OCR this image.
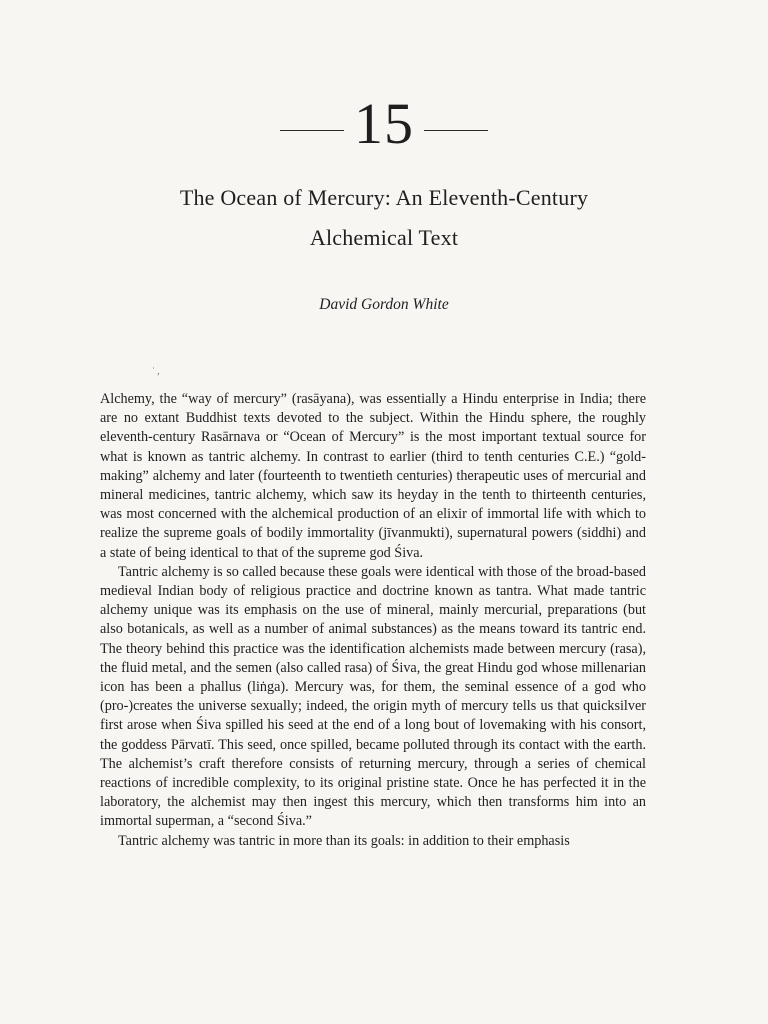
15
The Ocean of Mercury: An Eleventh-Century
Alchemical Text
David Gordon White
˙ ,

Alchemy, the “way of mercury” (rasāyana), was essentially a Hindu enterprise in India; there are no extant Buddhist texts devoted to the subject. Within the Hindu sphere, the roughly eleventh-century Rasārnava or “Ocean of Mercury” is the most important textual source for what is known as tantric alchemy. In contrast to earlier (third to tenth centuries C.E.) “gold-making” alchemy and later (fourteenth to twentieth centuries) therapeutic uses of mercurial and mineral medicines, tantric alchemy, which saw its heyday in the tenth to thirteenth centuries, was most concerned with the alchemical production of an elixir of immortal life with which to realize the supreme goals of bodily immortality (jīvanmukti), supernatural powers (siddhi) and a state of being identical to that of the supreme god Śiva.

Tantric alchemy is so called because these goals were identical with those of the broad-based medieval Indian body of religious practice and doctrine known as tantra. What made tantric alchemy unique was its emphasis on the use of mineral, mainly mercurial, preparations (but also botanicals, as well as a number of animal substances) as the means toward its tantric end. The theory behind this practice was the identification alchemists made between mercury (rasa), the fluid metal, and the semen (also called rasa) of Śiva, the great Hindu god whose millenarian icon has been a phallus (liṅga). Mercury was, for them, the seminal essence of a god who (pro-)creates the universe sexually; indeed, the origin myth of mercury tells us that quicksilver first arose when Śiva spilled his seed at the end of a long bout of lovemaking with his consort, the goddess Pārvatī. This seed, once spilled, became polluted through its contact with the earth. The alchemist’s craft therefore consists of returning mercury, through a series of chemical reactions of incredible complexity, to its original pristine state. Once he has perfected it in the laboratory, the alchemist may then ingest this mercury, which then transforms him into an immortal superman, a “second Śiva.”

Tantric alchemy was tantric in more than its goals: in addition to their emphasis
